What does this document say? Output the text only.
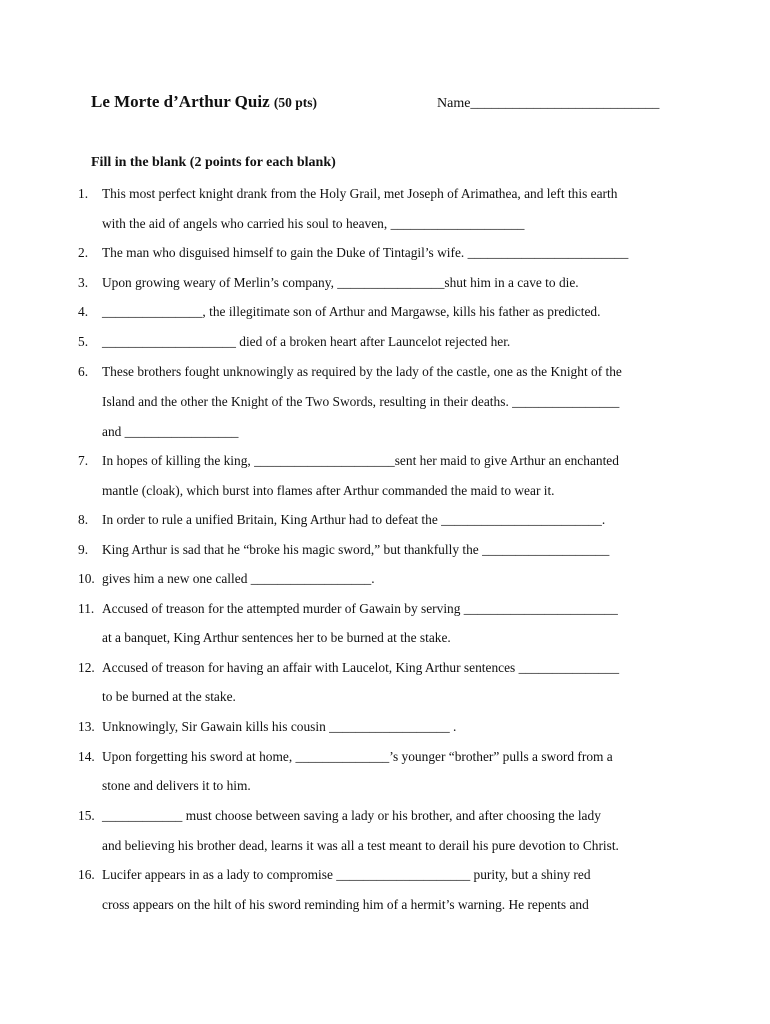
Le Morte d’Arthur Quiz (50 pts)	Name___________________________
Fill in the blank (2 points for each blank)
1. This most perfect knight drank from the Holy Grail, met Joseph of Arimathea, and left this earth
with the aid of angels who carried his soul to heaven, ____________________
2. The man who disguised himself to gain the Duke of Tintagil’s wife. ________________________
3. Upon growing weary of Merlin’s company, ________________shut him in a cave to die.
4. _______________, the illegitimate son of Arthur and Margawse, kills his father as predicted.
5. ____________________ died of a broken heart after Launcelot rejected her.
6. These brothers fought unknowingly as required by the lady of the castle, one as the Knight of the
Island and the other the Knight of the Two Swords, resulting in their deaths. ________________
and _________________
7. In hopes of killing the king, _____________________sent her maid to give Arthur an enchanted
mantle (cloak), which burst into flames after Arthur commanded the maid to wear it.
8. In order to rule a unified Britain, King Arthur had to defeat the ________________________.
9. King Arthur is sad that he “broke his magic sword,” but thankfully the ___________________
10. gives him a new one called __________________.
11. Accused of treason for the attempted murder of Gawain by serving _______________________
at a banquet, King Arthur sentences her to be burned at the stake.
12. Accused of treason for having an affair with Laucelot, King Arthur sentences _______________
to be burned at the stake.
13. Unknowingly, Sir Gawain kills his cousin __________________ .
14. Upon forgetting his sword at home, ______________’s younger “brother” pulls a sword from a
stone and delivers it to him.
15. ____________ must choose between saving a lady or his brother, and after choosing the lady
and believing his brother dead, learns it was all a test meant to derail his pure devotion to Christ.
16. Lucifer appears in as a lady to compromise ____________________ purity, but a shiny red
cross appears on the hilt of his sword reminding him of a hermit’s warning. He repents and
